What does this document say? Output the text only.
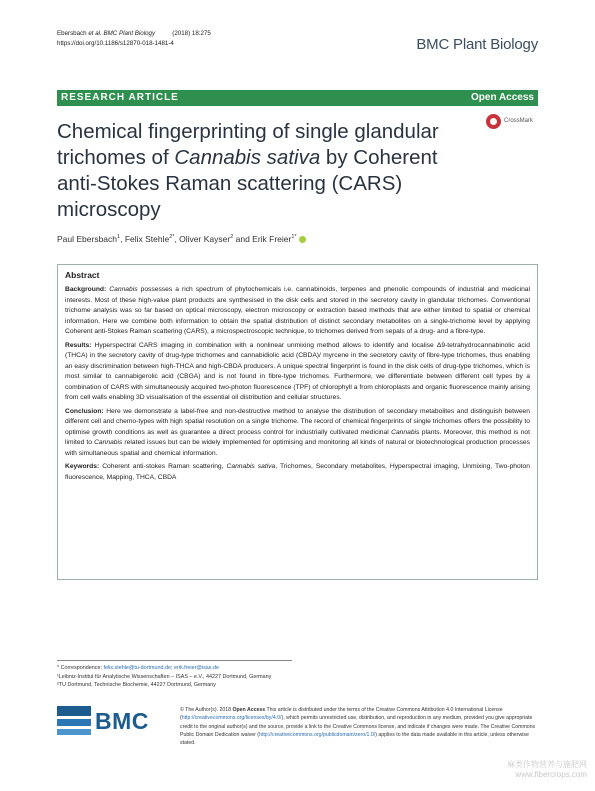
Ebersbach et al. BMC Plant Biology	(2018) 18:275
https://doi.org/10.1186/s12870-018-1481-4	BMC Plant Biology
RESEARCH ARTICLE	Open Access
Chemical fingerprinting of single glandular trichomes of Cannabis sativa by Coherent anti-Stokes Raman scattering (CARS) microscopy
CrossMark
Paul Ebersbach$^1$, Felix Stehle$^{2*}$, Oliver Kayser$^2$ and Erik Freier$^{1*}$
Abstract

Background: Cannabis possesses a rich spectrum of phytochemicals i.e. cannabinoids, terpenes and phenolic compounds of industrial and medicinal interests. Most of these high-value plant products are synthesised in the disk cells and stored in the secretory cavity in glandular trichomes. Conventional trichome analysis was so far based on optical microscopy, electron microscopy or extraction based methods that are either limited to spatial or chemical information. Here we combine both information to obtain the spatial distribution of distinct secondary metabolites on a single-trichome level by applying Coherent anti-Stokes Raman scattering (CARS), a microspectroscopic technique, to trichomes derived from sepals of a drug- and a fibre-type.

Results: Hyperspectral CARS imaging in combination with a nonlinear unmixing method allows to identify and localise Δ9-tetrahydrocannabinolic acid (THCA) in the secretory cavity of drug-type trichomes and cannabidiolic acid (CBDA)/ myrcene in the secretory cavity of fibre-type trichomes, thus enabling an easy discrimination between high-THCA and high-CBDA producers. A unique spectral fingerprint is found in the disk cells of drug-type trichomes, which is most similar to cannabigerolic acid (CBGA) and is not found in fibre-type trichomes. Furthermore, we differentiate between different cell types by a combination of CARS with simultaneously acquired two-photon fluorescence (TPF) of chlorophyll a from chloroplasts and organic fluorescence mainly arising from cell walls enabling 3D visualisation of the essential oil distribution and cellular structures.

Conclusion: Here we demonstrate a label-free and non-destructive method to analyse the distribution of secondary metabolites and distinguish between different cell and chemo-types with high spatial resolution on a single trichome. The record of chemical fingerprints of single trichomes offers the possibility to optimise growth conditions as well as guarantee a direct process control for industrially cultivated medicinal Cannabis plants. Moreover, this method is not limited to Cannabis related issues but can be widely implemented for optimising and monitoring all kinds of natural or biotechnological production processes with simultaneous spatial and chemical information.

Keywords: Coherent anti-stokes Raman scattering, Cannabis sativa, Trichomes, Secondary metabolites, Hyperspectral imaging, Unmixing, Two-photon fluorescence, Mapping, THCA, CBDA

* Correspondence: felix.stehle@tu-dortmund.de; erik.freier@isas.de
¹Leibniz-Institut für Analytische Wissenschaften – ISAS – e.V., 44227 Dortmund, Germany
²TU Dortmund, Technische Biochemie, 44227 Dortmund, Germany
BMC	© The Author(s). 2018 Open Access This article is distributed under the terms of the Creative Commons Attribution 4.0 International License (http://creativecommons.org/licenses/by/4.0/), which permits unrestricted use, distribution, and reproduction in any medium, provided you give appropriate credit to the original author(s) and the source, provide a link to the Creative Commons license, and indicate if changes were made. The Creative Commons Public Domain Dedication waiver (http://creativecommons.org/publicdomain/zero/1.0/) applies to the data made available in this article, unless otherwise stated.
麻类作物营养与施肥网
www.fibercrops.com
